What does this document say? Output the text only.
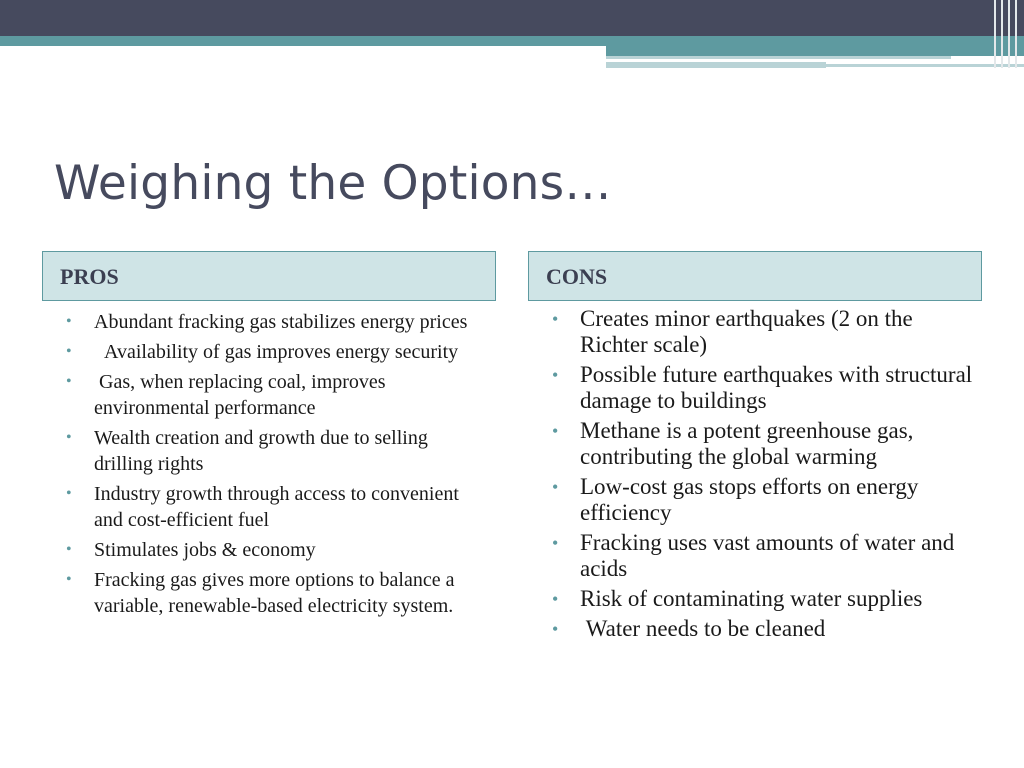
Weighing the Options…
PROS	CONS
• Abundant fracking gas stabilizes energy prices
• Availability of gas improves energy security
• Gas, when replacing coal, improves environmental performance
• Wealth creation and growth due to selling drilling rights
• Industry growth through access to convenient and cost-efficient fuel
• Stimulates jobs & economy
• Fracking gas gives more options to balance a variable, renewable-based electricity system.
• Creates minor earthquakes (2 on the Richter scale)
• Possible future earthquakes with structural damage to buildings
• Methane is a potent greenhouse gas, contributing the global warming
• Low-cost gas stops efforts on energy efficiency
• Fracking uses vast amounts of water and acids
• Risk of contaminating water supplies
• Water needs to be cleaned
